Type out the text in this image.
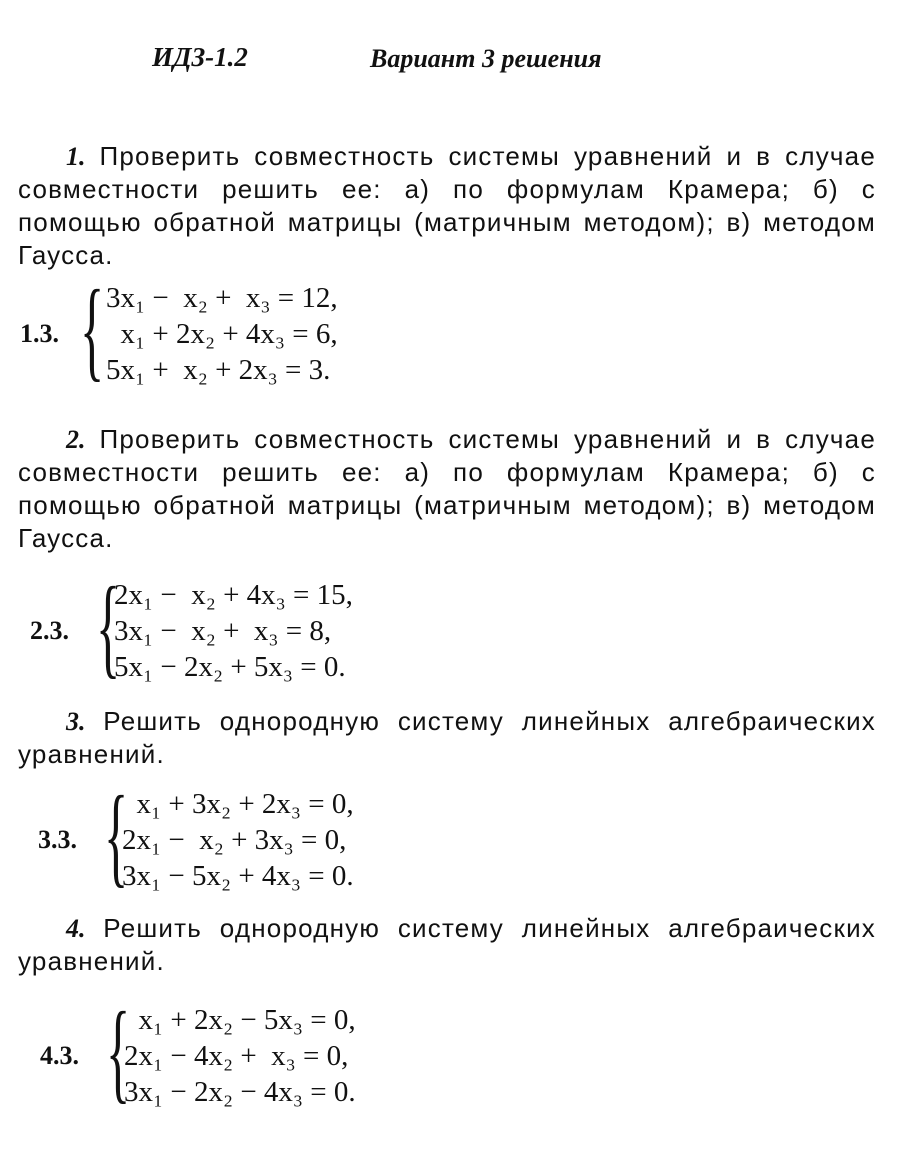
ИДЗ-1.2	Вариант 3 решения

1. Проверить совместность системы уравнений и в случае совместности решить ее: а) по формулам Крамера; б) с помощью обратной матрицы (матричным методом); в) методом Гаусса.

1.3. { 3x₁ −  x₂ +  x₃ = 12,
x₁ + 2x₂ + 4x₃ = 6,
5x₁ +  x₂ + 2x₃ = 3.

2. Проверить совместность системы уравнений и в случае совместности решить ее: а) по формулам Крамера; б) с помощью обратной матрицы (матричным методом); в) методом Гаусса.

2.3. {
2x₁ −  x₂ + 4x₃ = 15,
3x₁ −  x₂ +  x₃ = 8,
5x₁ − 2x₂ + 5x₃ = 0.

3. Решить однородную систему линейных алгебраических уравнений.

3.3. {
x₁ + 3x₂ + 2x₃ = 0,
2x₁ −  x₂ + 3x₃ = 0,
3x₁ − 5x₂ + 4x₃ = 0.

4. Решить однородную систему линейных алгебраических уравнений.

4.3. {
x₁ + 2x₂ − 5x₃ = 0,
2x₁ − 4x₂ +  x₃ = 0,
3x₁ − 2x₂ − 4x₃ = 0.
